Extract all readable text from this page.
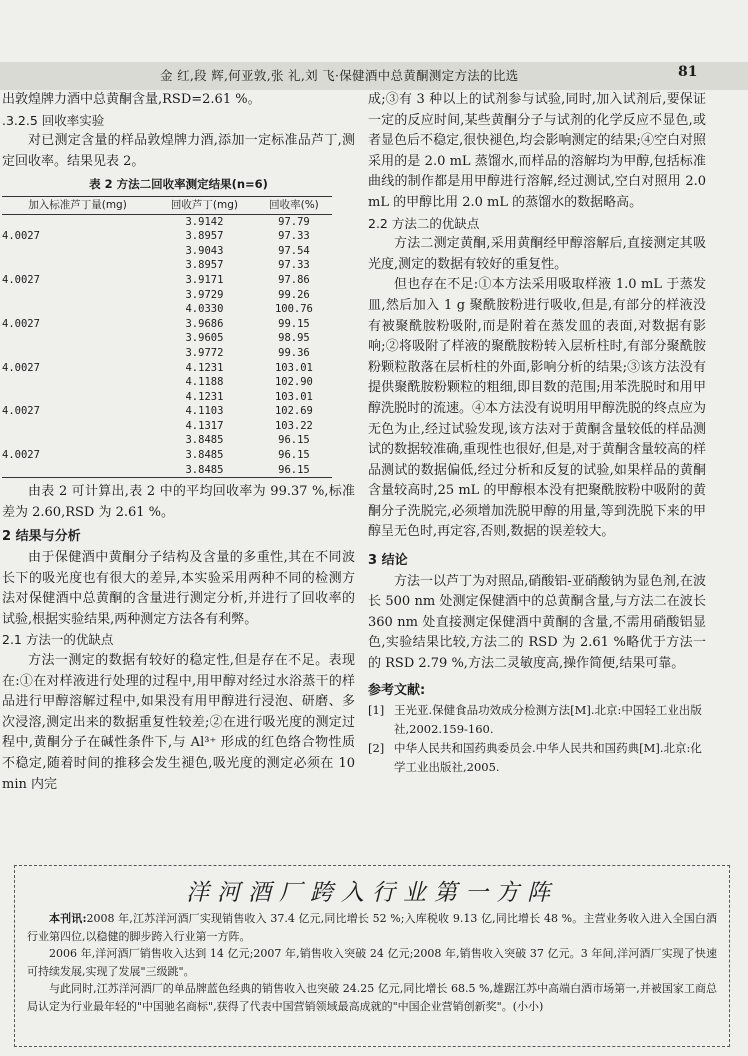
金 红,段 辉,何亚敦,张 礼,刘 飞·保健酒中总黄酮测定方法的比选	81

出敦煌牌力酒中总黄酮含量,RSD=2.61 %。

.3.2.5 回收率实验

对已测定含量的样品敦煌牌力酒,添加一定标准品芦丁,测定回收率。结果见表 2。

表 2 方法二回收率测定结果(n=6)

加入标准芦丁量(mg)	回收芦丁(mg)	回收率(%)
	3.9142	97.79
4.0027	3.8957	97.33
	3.9043	97.54
	3.8957	97.33
4.0027	3.9171	97.86
	3.9729	99.26
	4.0330	100.76
4.0027	3.9686	99.15
	3.9605	98.95
	3.9772	99.36
4.0027	4.1231	103.01
	4.1188	102.90
	4.1231	103.01
4.0027	4.1103	102.69
	4.1317	103.22
	3.8485	96.15
4.0027	3.8485	96.15
	3.8485	96.15

由表 2 可计算出,表 2 中的平均回收率为 99.37 %,标准差为 2.60,RSD 为 2.61 %。

2 结果与分析

由于保健酒中黄酮分子结构及含量的多重性,其在不同波长下的吸光度也有很大的差异,本实验采用两种不同的检测方法对保健酒中总黄酮的含量进行测定分析,并进行了回收率的试验,根据实验结果,两种测定方法各有利弊。

2.1 方法一的优缺点

方法一测定的数据有较好的稳定性,但是存在不足。表现在:①在对样液进行处理的过程中,用甲醇对经过水浴蒸干的样品进行甲醇溶解过程中,如果没有用甲醇进行浸泡、研磨、多次浸溶,测定出来的数据重复性较差;②在进行吸光度的测定过程中,黄酮分子在碱性条件下,与 Al³⁺ 形成的红色络合物性质不稳定,随着时间的推移会发生褪色,吸光度的测定必须在 10 min 内完

成;③有 3 种以上的试剂参与试验,同时,加入试剂后,要保证一定的反应时间,某些黄酮分子与试剂的化学反应不显色,或者显色后不稳定,很快褪色,均会影响测定的结果;④空白对照采用的是 2.0 mL 蒸馏水,而样品的溶解均为甲醇,包括标准曲线的制作都是用甲醇进行溶解,经过测试,空白对照用 2.0 mL 的甲醇比用 2.0 mL 的蒸馏水的数据略高。

2.2 方法二的优缺点

方法二测定黄酮,采用黄酮经甲醇溶解后,直接测定其吸光度,测定的数据有较好的重复性。

但也存在不足:①本方法采用吸取样液 1.0 mL 于蒸发皿,然后加入 1 g 聚酰胺粉进行吸收,但是,有部分的样液没有被聚酰胺粉吸附,而是附着在蒸发皿的表面,对数据有影响;②将吸附了样液的聚酰胺粉转入层析柱时,有部分聚酰胺粉颗粒散落在层析柱的外面,影响分析的结果;③该方法没有提供聚酰胺粉颗粒的粗细,即目数的范围;用苯洗脱时和用甲醇洗脱时的流速。④本方法没有说明用甲醇洗脱的终点应为无色为止,经过试验发现,该方法对于黄酮含量较低的样品测试的数据较准确,重现性也很好,但是,对于黄酮含量较高的样品测试的数据偏低,经过分析和反复的试验,如果样品的黄酮含量较高时,25 mL 的甲醇根本没有把聚酰胺粉中吸附的黄酮分子洗脱完,必须增加洗脱甲醇的用量,等到洗脱下来的甲醇呈无色时,再定容,否则,数据的误差较大。

3 结论

方法一以芦丁为对照品,硝酸铝-亚硝酸钠为显色剂,在波长 500 nm 处测定保健酒中的总黄酮含量,与方法二在波长 360 nm 处直接测定保健酒中黄酮的含量,不需用硝酸铝显色,实验结果比较,方法二的 RSD 为 2.61 %略优于方法一的 RSD 2.79 %,方法二灵敏度高,操作简便,结果可靠。

参考文献:

[1] 王光亚.保健食品功效成分检测方法[M].北京:中国轻工业出版社,2002.159-160.
[2] 中华人民共和国药典委员会.中华人民共和国药典[M].北京:化学工业出版社,2005.
洋河酒厂跨入行业第一方阵

本刊讯:2008 年,江苏洋河酒厂实现销售收入 37.4 亿元,同比增长 52 %;入库税收 9.13 亿,同比增长 48 %。主营业务收入进入全国白酒行业第四位,以稳健的脚步跨入行业第一方阵。

2006 年,洋河酒厂销售收入达到 14 亿元;2007 年,销售收入突破 24 亿元;2008 年,销售收入突破 37 亿元。3 年间,洋河酒厂实现了快速可持续发展,实现了发展"三级跳"。

与此同时,江苏洋河酒厂的单品牌蓝色经典的销售收入也突破 24.25 亿元,同比增长 68.5 %,雄踞江苏中高端白酒市场第一,并被国家工商总局认定为行业最年轻的"中国驰名商标",获得了代表中国营销领域最高成就的"中国企业营销创新奖"。(小小)
